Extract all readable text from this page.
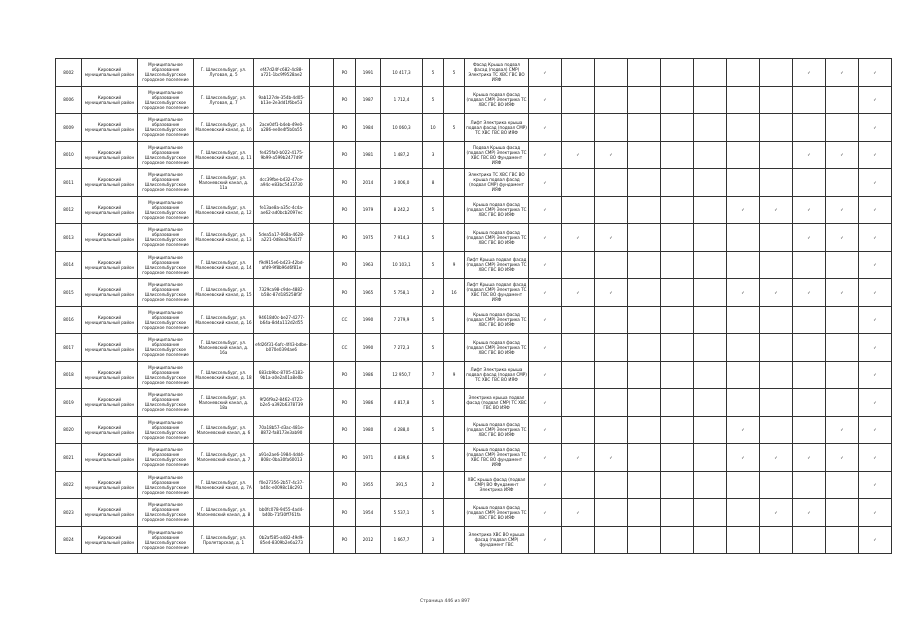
8002	Кировский муниципальный район	Муниципальное образование Шлиссельбургское городское поселение	Г. Шлиссельбург, ул. Луговая, д. 5	ef47d24f-c682-4c88-a721-1bc9f9528ae2		РО	1991	10 417,3	5	5	Фасад Крыша подвал фасад (подвал) СМР) Электрика ТС ХВС ГВС ВО ИЯФ	✓								✓	✓	✓
8006	Кировский муниципальный район	Муниципальное образование Шлиссельбургское городское поселение	Г. Шлиссельбург, ул. Луговая, д. 7	9ab127de-354b-4d05-b13e-2e3dd1f6be53		РО	1987	1 712,4	5		Крыша подвал фасад (подвал СМР) Электрика ТС ХВС ГВС ВО ИЯФ	✓										✓
8009	Кировский муниципальный район	Муниципальное образование Шлиссельбургское городское поселение	Г. Шлиссельбург, ул. Малоневский канал, д. 10	2ace0df1-b4eb-49e0-a286-ee0e4f5b0a55		РО	1984	10 060,3	10	5	Лифт Электрика крыша подвал фасад (подвал СМР) ТС ХВС ГВС ВО ИЯФ	✓										✓
8010	Кировский муниципальный район	Муниципальное образование Шлиссельбургское городское поселение	Г. Шлиссельбург, ул. Малоневский канал, д. 11	fe425fa0-b022-4175-9b99-a599b2477d9f		РО	1981	1 487,2	3		Подвал Крыша фасад (подвал СМР) Электрика ТС ХВС ГВС ВО Фундамент ИЯФ	✓	✓	✓						✓	✓	✓
8011	Кировский муниципальный район	Муниципальное образование Шлиссельбургское городское поселение	Г. Шлиссельбург, ул. Малоневский канал, д. 11а	dcc39fbe-b432-47ce-a94c-e83bc5433730		РО	2014	3 006,0	8		Электрика ТС ХВС ГВС ВО крыша подвал фасад (подвал СМР) фундамент ИЯФ	✓										✓
8012	Кировский муниципальный район	Муниципальное образование Шлиссельбургское городское поселение	Г. Шлиссельбург, ул. Малоневский канал, д. 12	fe13ae8a-a35c-4c4a-ae62-ad0bcb2097ec		РО	1979	8 242,2	5		Крыша подвал фасад (подвал СМР) Электрика ТС ХВС ГВС ВО ИЯФ	✓						✓	✓	✓	✓	✓
8013	Кировский муниципальный район	Муниципальное образование Шлиссельбургское городское поселение	Г. Шлиссельбург, ул. Малоневский канал, д. 13	5dea5a17-068a-4628-a221-0d8ea2f6a1f7		РО	1975	7 914,3	5		Крыша подвал фасад (подвал СМР) Электрика ТС ХВС ГВС ВО ИЯФ	✓	✓	✓						✓	✓	✓
8014	Кировский муниципальный район	Муниципальное образование Шлиссельбургское городское поселение	Г. Шлиссельбург, ул. Малоневский канал, д. 14	f9d915e6-b423-42bd-afd9-9f8b96d6f81e		РО	1963	10 103,1	5	9	Лифт Крыша подвал фасад (подвал СМР) Электрика ТС ХВС ГВС ВО ИЯФ	✓										✓
8015	Кировский муниципальный район	Муниципальное образование Шлиссельбургское городское поселение	Г. Шлиссельбург, ул. Малоневский канал, д. 15	7329ca98-c9de-4882-b58c-87d185258f3f		РО	1965	5 758,1	2	16	Лифт Крыша подвал фасад (подвал СМР) Электрика ТС ХВС ГВС ВО фундамент ИЯФ	✓	✓	✓				✓	✓	✓	✓	✓
8016	Кировский муниципальный район	Муниципальное образование Шлиссельбургское городское поселение	Г. Шлиссельбург, ул. Малоневский канал, д. 16	94618d0c-be27-4277-b64a-8d4a112d2d55		СС	1990	7 279,9	5		Крыша подвал фасад (подвал СМР) Электрика ТС ХВС ГВС ВО ИЯФ	✓										✓
8017	Кировский муниципальный район	Муниципальное образование Шлиссельбургское городское поселение	Г. Шлиссельбург, ул. Малоневский канал, д. 16а	efd26f31-6afc-4f43-bdbe-b070e0394ae6		СС	1990	7 272,3	5		Крыша подвал фасад (подвал СМР) Электрика ТС ХВС ГВС ВО ИЯФ	✓										✓
8018	Кировский муниципальный район	Муниципальное образование Шлиссельбургское городское поселение	Г. Шлиссельбург, ул. Малоневский канал, д. 18	683cb9bc-8705-4183-9b1a-a0e2a01a8e0b		РО	1986	12 950,7	7	9	Лифт Электрика крыша подвал фасад (подвал СМР) ТС ХВС ГВС ВО ИЯФ	✓										✓
8019	Кировский муниципальный район	Муниципальное образование Шлиссельбургское городское поселение	Г. Шлиссельбург, ул. Малоневский канал, д. 18а	9f26f9a2-8462-4723-b2e5-a392b6378739		РО	1986	4 817,8	5		Электрика крыша подвал фасад (подвал СМР) ТС ХВС ГВС ВО ИЯФ	✓										✓
8020	Кировский муниципальный район	Муниципальное образование Шлиссельбургское городское поселение	Г. Шлиссельбург, ул. Малоневский канал, д. 6	70a18b57-d3ac-481e-8872-fa8173e3ab90		РО	1980	4 288,0	5		Крыша подвал фасад (подвал СМР) Электрика ТС ХВС ГВС ВО ИЯФ	✓						✓			✓	✓
8021	Кировский муниципальный район	Муниципальное образование Шлиссельбургское городское поселение	Г. Шлиссельбург, ул. Малоневский канал, д. 7	a91e2ae6-1984-4dd4-808c-0ba30fa60013		РО	1971	4 839,6	5		Крыша подвал фасад (подвал СМР) Электрика ТС ХВС ГВС ВО фундамент ИЯФ	✓	✓	✓				✓	✓	✓	✓	✓
8022	Кировский муниципальный район	Муниципальное образование Шлиссельбургское городское поселение	Г. Шлиссельбург, ул. Малоневский канал, д. 7А	f0e27356-2b57-4c37-b40c-e0098c18c291		РО	1955	391,5	2		ХВС крыша фасад (подвал СМР) ВО Фундамент Электрика ИЯФ	✓										✓
8023	Кировский муниципальный район	Муниципальное образование Шлиссельбургское городское поселение	Г. Шлиссельбург, ул. Малоневский канал, д. 8	bb0fc078-9455-4ad4-b40b-71f30ff761fa		РО	1954	5 537,1	5		Крыша подвал фасад (подвал СМР) Электрика ТС ХВС ГВС ВО ИЯФ	✓	✓						✓	✓		✓
8024	Кировский муниципальный район	Муниципальное образование Шлиссельбургское городское поселение	Г. Шлиссельбург, ул. Пролетарская, д. 1	0b2af585-a482-49d9-85e4-8309b2e6a273		РО	2012	1 667,7	3		Электрика ХВС ВО крыша фасад (подвал СМР) фундамент ГВС	✓										✓
Страница 446 из 897
